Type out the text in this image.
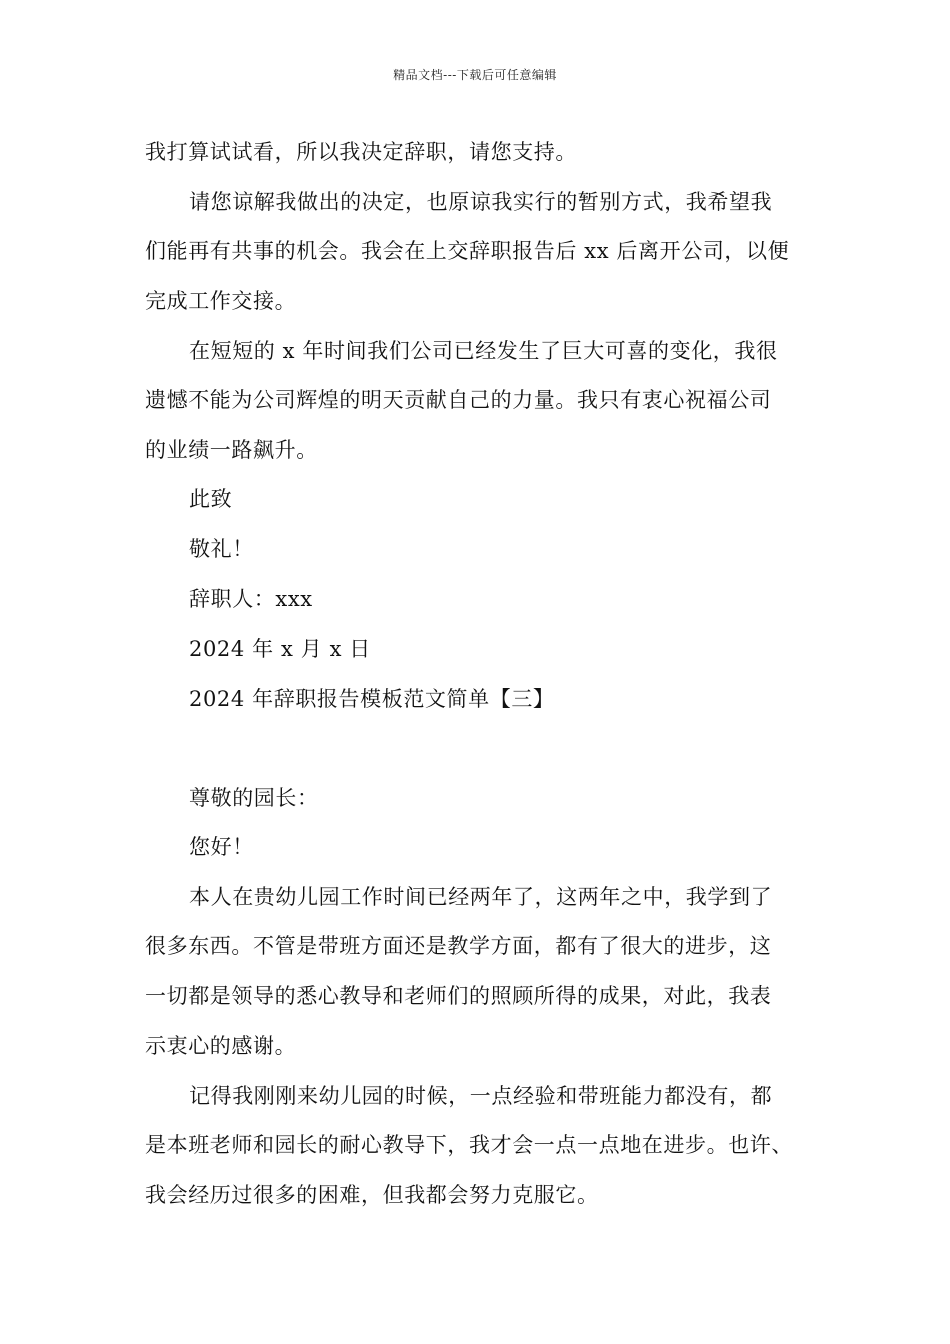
精品文档---下载后可任意编辑
我打算试试看，所以我决定辞职，请您支持。
请您谅解我做出的决定，也原谅我实行的暂别方式，我希望我
们能再有共事的机会。我会在上交辞职报告后 xx 后离开公司，以便
完成工作交接。
在短短的 x 年时间我们公司已经发生了巨大可喜的变化，我很
遗憾不能为公司辉煌的明天贡献自己的力量。我只有衷心祝福公司
的业绩一路飙升。
此致
敬礼！
辞职人：xxx
2024 年 x 月 x 日
2024 年辞职报告模板范文简单【三】
尊敬的园长：
您好！
本人在贵幼儿园工作时间已经两年了，这两年之中，我学到了
很多东西。不管是带班方面还是教学方面，都有了很大的进步，这
一切都是领导的悉心教导和老师们的照顾所得的成果，对此，我表
示衷心的感谢。
记得我刚刚来幼儿园的时候，一点经验和带班能力都没有，都
是本班老师和园长的耐心教导下，我才会一点一点地在进步。也许、
我会经历过很多的困难，但我都会努力克服它。
